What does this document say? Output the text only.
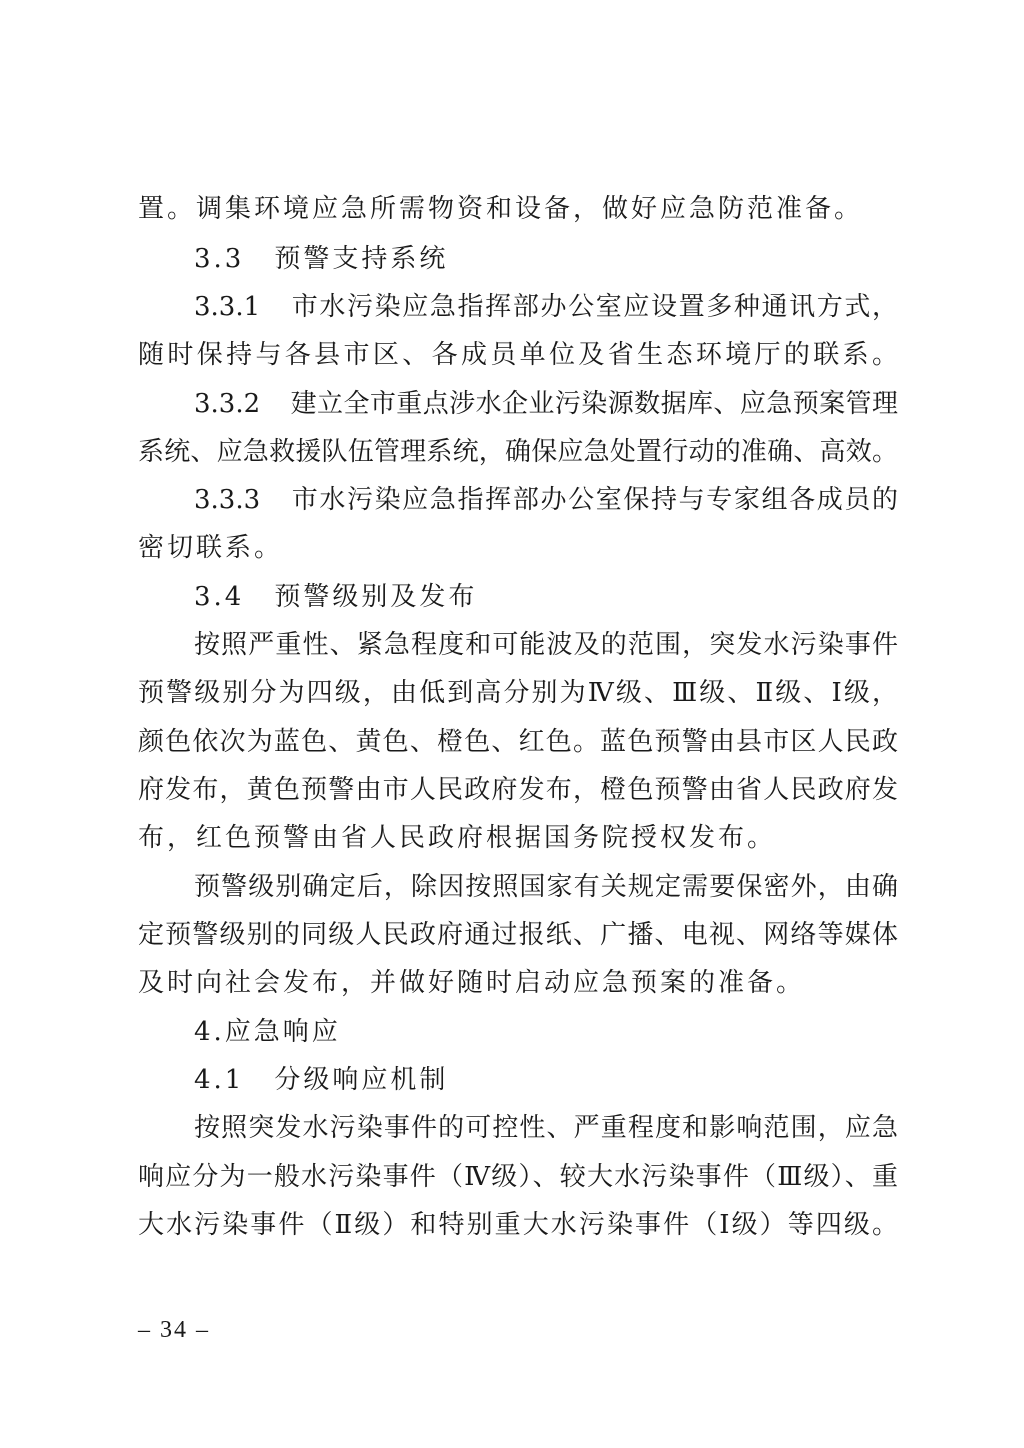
置。调集环境应急所需物资和设备，做好应急防范准备。
3.3 预警支持系统
3.3.1 市水污染应急指挥部办公室应设置多种通讯方式，
随时保持与各县市区、各成员单位及省生态环境厅的联系。
3.3.2 建立全市重点涉水企业污染源数据库、应急预案管理
系统、应急救援队伍管理系统，确保应急处置行动的准确、高效。
3.3.3 市水污染应急指挥部办公室保持与专家组各成员的
密切联系。
3.4 预警级别及发布
按照严重性、紧急程度和可能波及的范围，突发水污染事件
预警级别分为四级，由低到高分别为Ⅳ级、Ⅲ级、Ⅱ级、Ⅰ级，
颜色依次为蓝色、黄色、橙色、红色。蓝色预警由县市区人民政
府发布，黄色预警由市人民政府发布，橙色预警由省人民政府发
布，红色预警由省人民政府根据国务院授权发布。
预警级别确定后，除因按照国家有关规定需要保密外，由确
定预警级别的同级人民政府通过报纸、广播、电视、网络等媒体
及时向社会发布，并做好随时启动应急预案的准备。
4.应急响应
4.1 分级响应机制
按照突发水污染事件的可控性、严重程度和影响范围，应急
响应分为一般水污染事件（Ⅳ级）、较大水污染事件（Ⅲ级）、重
大水污染事件（Ⅱ级）和特别重大水污染事件（Ⅰ级）等四级。
– 34 –
